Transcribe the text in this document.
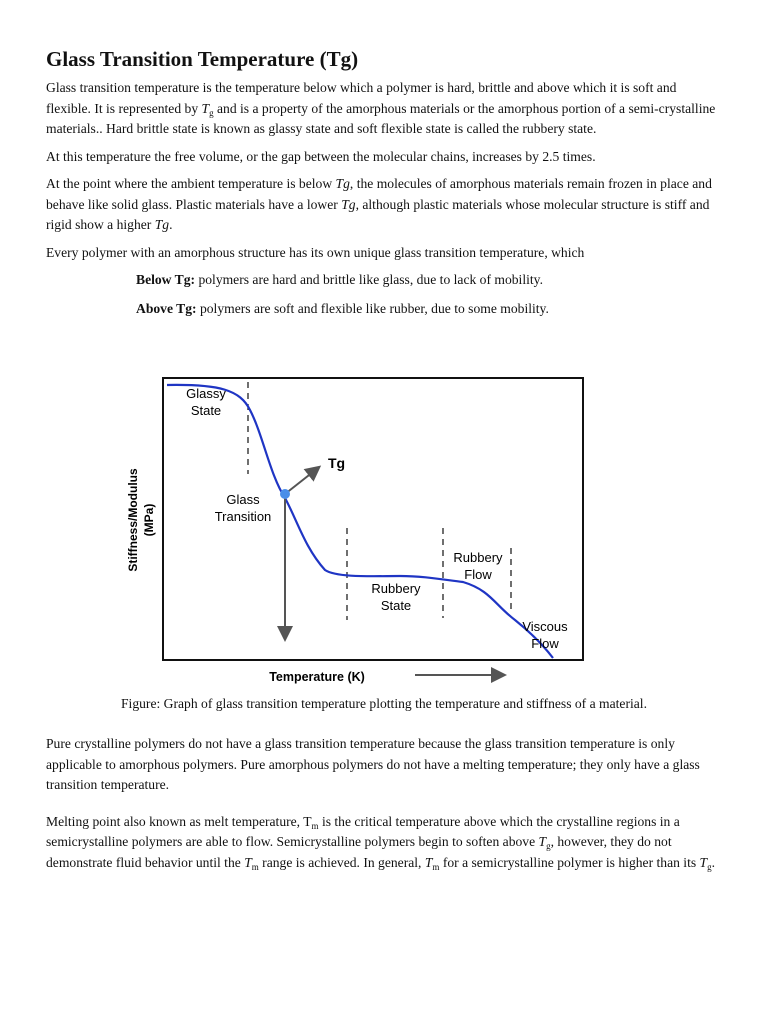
Glass Transition Temperature (Tg)

Glass transition temperature is the temperature below which a polymer is hard, brittle and above which it is soft and flexible. It is represented by $T_g$ and is a property of the amorphous materials or the amorphous portion of a semi-crystalline materials.. Hard brittle state is known as glassy state and soft flexible state is called the rubbery state.

At this temperature the free volume, or the gap between the molecular chains, increases by 2.5 times.

At the point where the ambient temperature is below Tg, the molecules of amorphous materials remain frozen in place and behave like solid glass. Plastic materials have a lower Tg, although plastic materials whose molecular structure is stiff and rigid show a higher Tg.

Every polymer with an amorphous structure has its own unique glass transition temperature, which

Below Tg: polymers are hard and brittle like glass, due to lack of mobility.

Above Tg: polymers are soft and flexible like rubber, due to some mobility.

Stiffness/Modulus (MPa)
Glassy
State
Tg
Glass
Transition
Rubbery
State
Rubbery
Flow
Viscous
Flow
Temperature (K)
Figure: Graph of glass transition temperature plotting the temperature and stiffness of a material.

Pure crystalline polymers do not have a glass transition temperature because the glass transition temperature is only applicable to amorphous polymers. Pure amorphous polymers do not have a melting temperature; they only have a glass transition temperature.

Melting point also known as melt temperature, $T_m$ is the critical temperature above which the crystalline regions in a semicrystalline polymers are able to flow. Semicrystalline polymers begin to soften above $T_g$, however, they do not demonstrate fluid behavior until the $T_m$ range is achieved. In general, $T_m$ for a semicrystalline polymer is higher than its $T_g$.
